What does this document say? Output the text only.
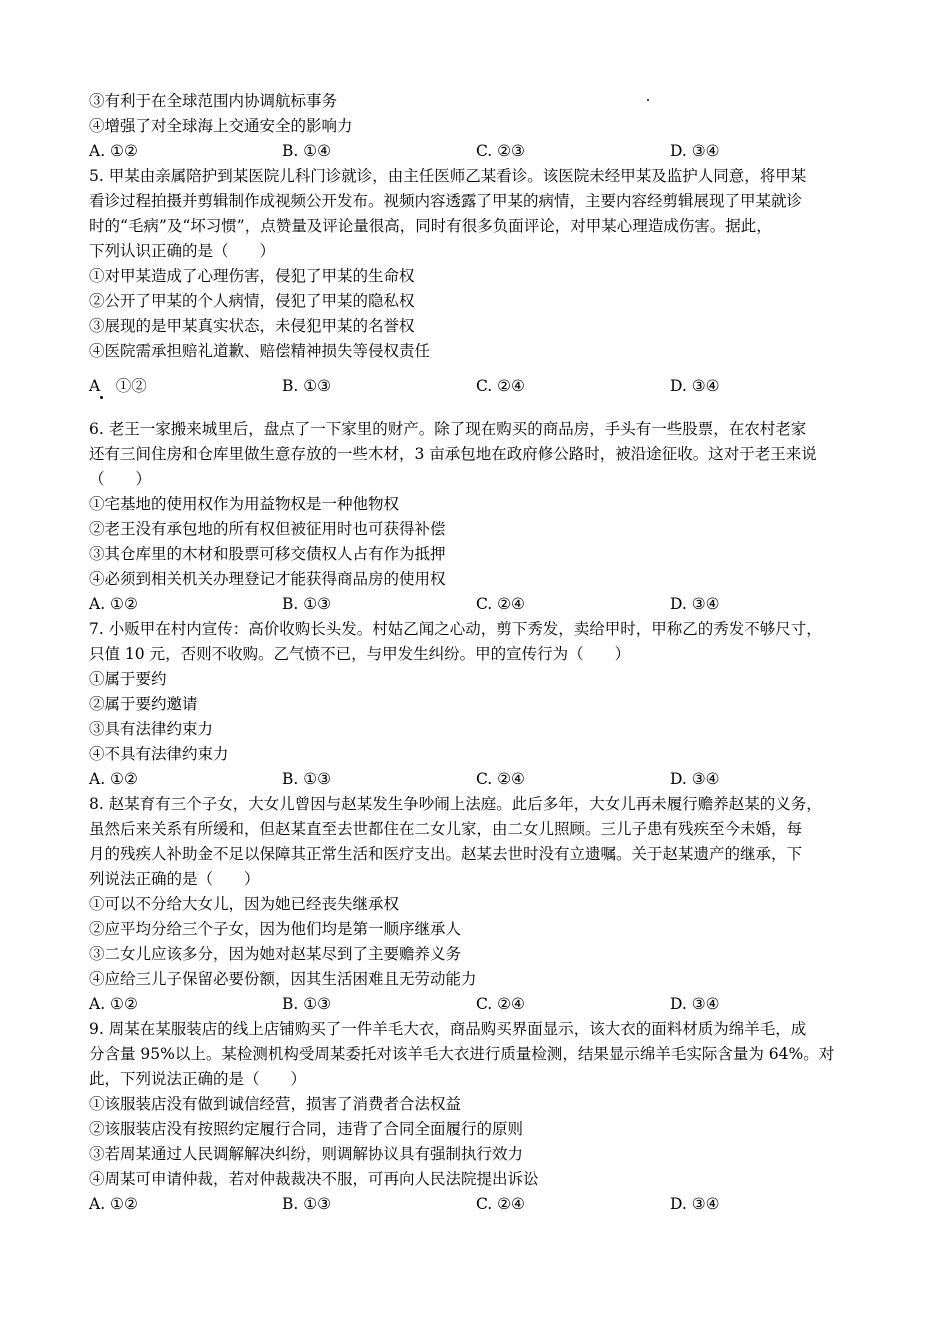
③有利于在全球范围内协调航标事务
④增强了对全球海上交通安全的影响力
A. ①②	B. ①④	C. ②③	D. ③④
5. 甲某由亲属陪护到某医院儿科门诊就诊，由主任医师乙某看诊。该医院未经甲某及监护人同意，将甲某
看诊过程拍摄并剪辑制作成视频公开发布。视频内容透露了甲某的病情，主要内容经剪辑展现了甲某就诊
时的“毛病”及“坏习惯”，点赞量及评论量很高，同时有很多负面评论，对甲某心理造成伤害。据此，
下列认识正确的是（　　）
①对甲某造成了心理伤害，侵犯了甲某的生命权
②公开了甲某的个人病情，侵犯了甲某的隐私权
③展现的是甲某真实状态，未侵犯甲某的名誉权
④医院需承担赔礼道歉、赔偿精神损失等侵权责任
A　①②	B. ①③	C. ②④	D. ③④
6. 老王一家搬来城里后，盘点了一下家里的财产。除了现在购买的商品房，手头有一些股票，在农村老家
还有三间住房和仓库里做生意存放的一些木材，3 亩承包地在政府修公路时，被沿途征收。这对于老王来说
（　　）
①宅基地的使用权作为用益物权是一种他物权
②老王没有承包地的所有权但被征用时也可获得补偿
③其仓库里的木材和股票可移交债权人占有作为抵押
④必须到相关机关办理登记才能获得商品房的使用权
A. ①②	B. ①③	C. ②④	D. ③④
7. 小贩甲在村内宣传：高价收购长头发。村姑乙闻之心动，剪下秀发，卖给甲时，甲称乙的秀发不够尺寸，
只值 10 元，否则不收购。乙气愤不已，与甲发生纠纷。甲的宣传行为（　　）
①属于要约
②属于要约邀请
③具有法律约束力
④不具有法律约束力
A. ①②	B. ①③	C. ②④	D. ③④
8. 赵某育有三个子女，大女儿曾因与赵某发生争吵闹上法庭。此后多年，大女儿再未履行赡养赵某的义务，
虽然后来关系有所缓和，但赵某直至去世都住在二女儿家，由二女儿照顾。三儿子患有残疾至今未婚，每
月的残疾人补助金不足以保障其正常生活和医疗支出。赵某去世时没有立遗嘱。关于赵某遗产的继承，下
列说法正确的是（　　）
①可以不分给大女儿，因为她已经丧失继承权
②应平均分给三个子女，因为他们均是第一顺序继承人
③二女儿应该多分，因为她对赵某尽到了主要赡养义务
④应给三儿子保留必要份额，因其生活困难且无劳动能力
A. ①②	B. ①③	C. ②④	D. ③④
9. 周某在某服装店的线上店铺购买了一件羊毛大衣，商品购买界面显示，该大衣的面料材质为绵羊毛，成
分含量 95%以上。某检测机构受周某委托对该羊毛大衣进行质量检测，结果显示绵羊毛实际含量为 64%。对
此，下列说法正确的是（　　）
①该服装店没有做到诚信经营，损害了消费者合法权益
②该服装店没有按照约定履行合同，违背了合同全面履行的原则
③若周某通过人民调解解决纠纷，则调解协议具有强制执行效力
④周某可申请仲裁，若对仲裁裁决不服，可再向人民法院提出诉讼
A. ①②	B. ①③	C. ②④	D. ③④
